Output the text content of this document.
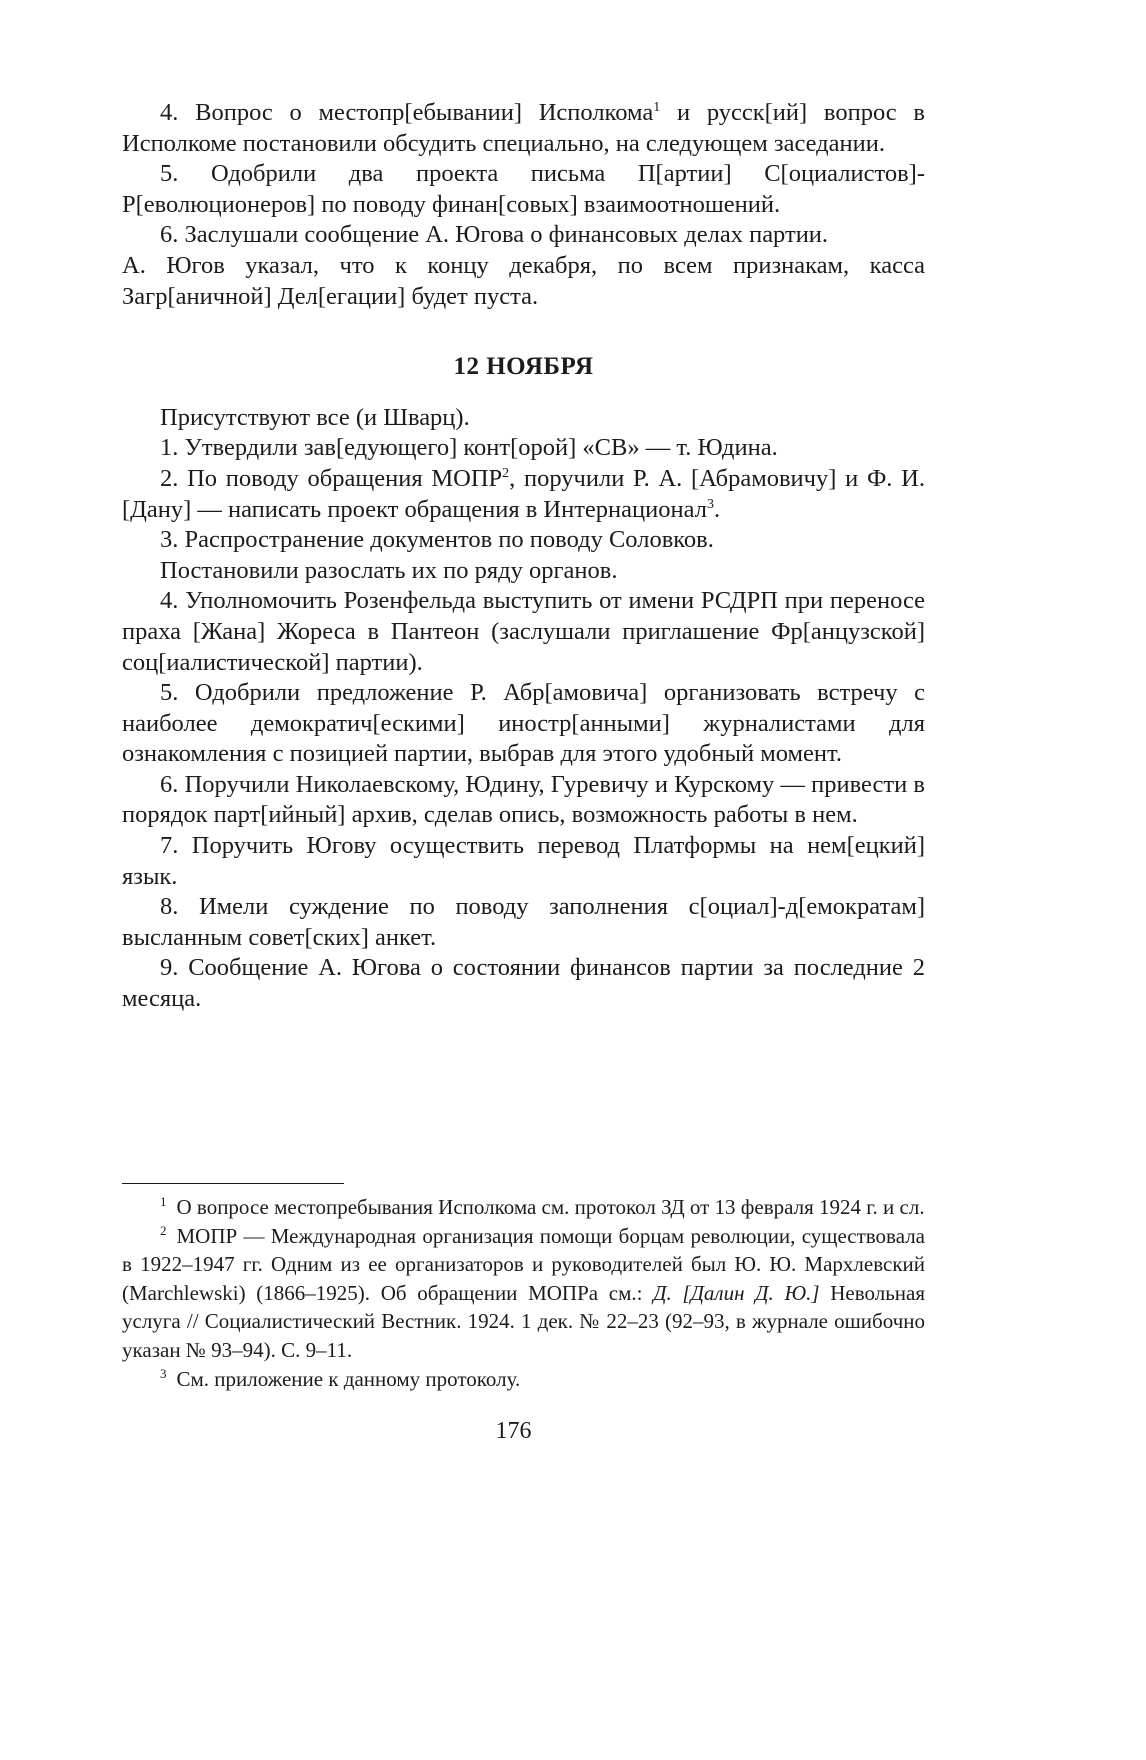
4. Вопрос о местопр[ебывании] Исполкома$^1$ и русск[ий] вопрос в Исполкоме постановили обсудить специально, на следующем заседании.

5. Одобрили два проекта письма П[артии] С[оциалистов]-Р[еволюционеров] по поводу финан[совых] взаимоотношений.

6. Заслушали сообщение А. Югова о финансовых делах партии.

А. Югов указал, что к концу декабря, по всем признакам, касса Загр[аничной] Дел[егации] будет пуста.

12 НОЯБРЯ

Присутствуют все (и Шварц).

1. Утвердили зав[едующего] конт[орой] «СВ» — т. Юдина.

2. По поводу обращения МОПР$^2$, поручили Р. А. [Абрамовичу] и Ф. И. [Дану] — написать проект обращения в Интернационал$^3$.

3. Распространение документов по поводу Соловков.

Постановили разослать их по ряду органов.

4. Уполномочить Розенфельда выступить от имени РСДРП при переносе праха [Жана] Жореса в Пантеон (заслушали приглашение Фр[анцузской] соц[иалистической] партии).

5. Одобрили предложение Р. Абр[амовича] организовать встречу с наиболее демократич[ескими] иностр[анными] журналистами для ознакомления с позицией партии, выбрав для этого удобный момент.

6. Поручили Николаевскому, Юдину, Гуревичу и Курскому — привести в порядок парт[ийный] архив, сделав опись, возможность работы в нем.

7. Поручить Югову осуществить перевод Платформы на нем[ецкий] язык.

8. Имели суждение по поводу заполнения с[оциал]-д[емократам] высланным совет[ских] анкет.

9. Сообщение А. Югова о состоянии финансов партии за последние 2 месяца.

$^1$ О вопросе местопребывания Исполкома см. протокол ЗД от 13 февраля 1924 г. и сл.

$^2$ МОПР — Международная организация помощи борцам революции, существовала в 1922–1947 гг. Одним из ее организаторов и руководителей был Ю. Ю. Мархлевский (Marchlewski) (1866–1925). Об обращении МОПРа см.: Д. [Далин Д. Ю.] Невольная услуга // Социалистический Вестник. 1924. 1 дек. № 22–23 (92–93, в журнале ошибочно указан № 93–94). С. 9–11.

$^3$ См. приложение к данному протоколу.

176
